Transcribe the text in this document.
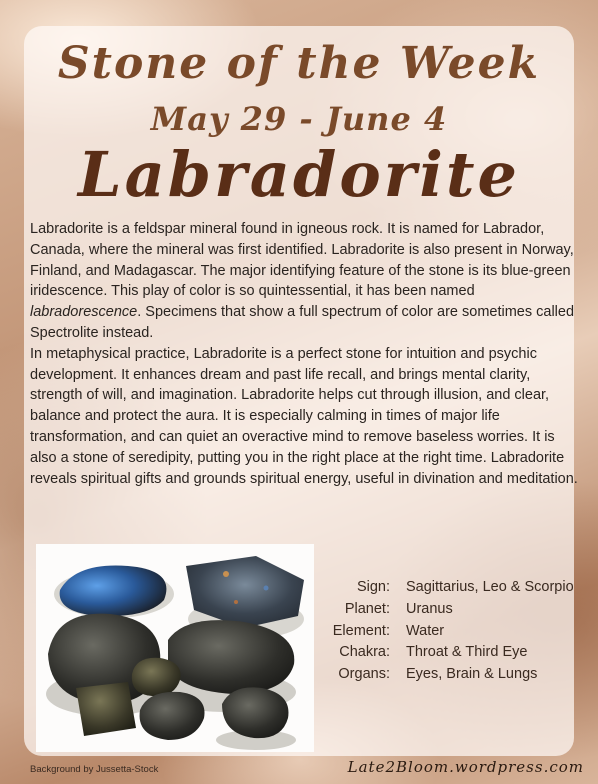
Stone of the Week
May 29 - June 4
Labradorite

Labradorite is a feldspar mineral found in igneous rock. It is named for Labrador, Canada, where the mineral was first identified. Labradorite is also present in Norway, Finland, and Madagascar. The major identifying feature of the stone is its blue-green iridescence. This play of color is so quintessential, it has been named labradorescence. Specimens that show a full spectrum of color are sometimes called Spectrolite instead.

In metaphysical practice, Labradorite is a perfect stone for intuition and psychic development. It enhances dream and past life recall, and brings mental clarity, strength of will, and imagination. Labradorite helps cut through illusion, and clear, balance and protect the aura. It is especially calming in times of major life transformation, and can quiet an overactive mind to remove baseless worries. It is also a stone of seredipity, putting you in the right place at the right time. Labradorite reveals spiritual gifts and grounds spiritual energy, useful in divination and meditation.

Sign:	Sagittarius, Leo & Scorpio
Planet:	Uranus
Element:	Water
Chakra:	Throat & Third Eye
Organs:	Eyes, Brain & Lungs
Background by Jussetta-Stock	Late2Bloom.wordpress.com
